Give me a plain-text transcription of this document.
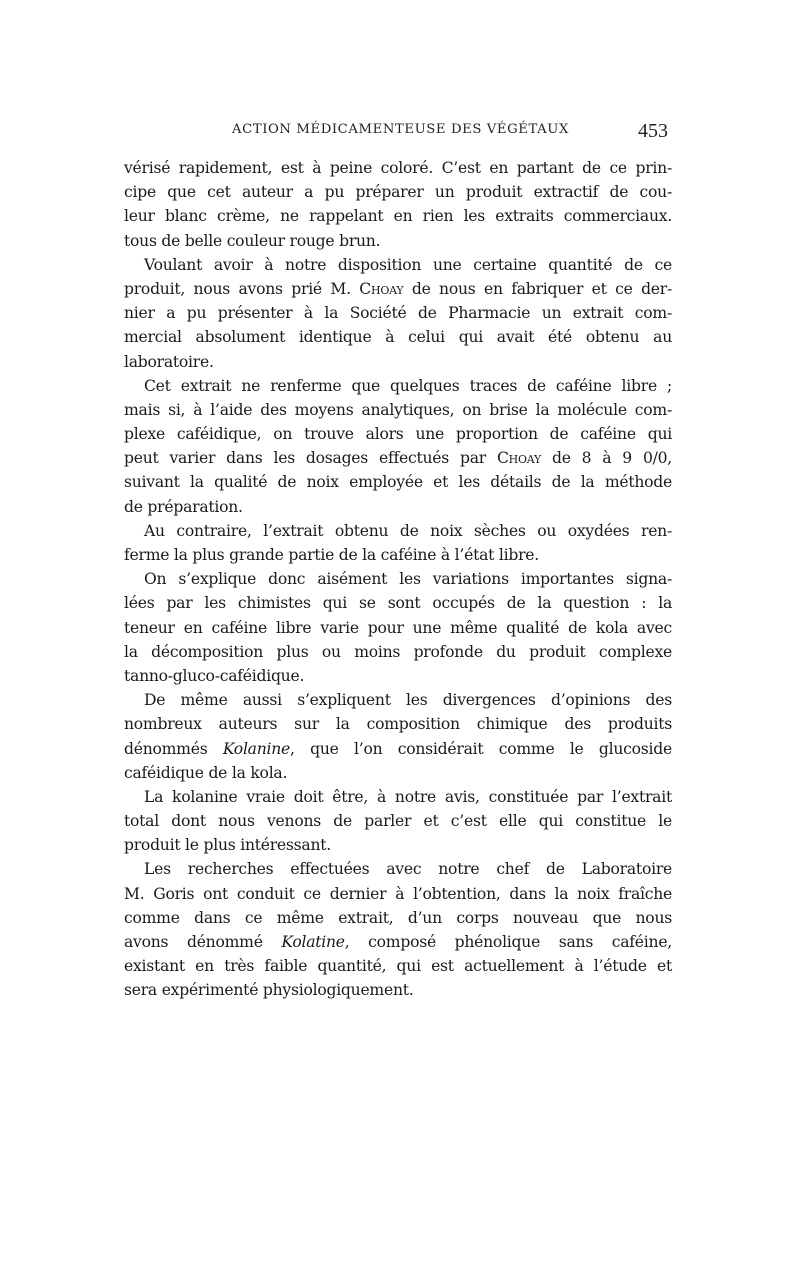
ACTION MÉDICAMENTEUSE DES VÉGÉTAUX	453
vérisé rapidement, est à peine coloré. C’est en partant de ce prin-
cipe que cet auteur a pu préparer un produit extractif de cou-
leur blanc crème, ne rappelant en rien les extraits commerciaux.
tous de belle couleur rouge brun.
Voulant avoir à notre disposition une certaine quantité de ce
produit, nous avons prié M. Choay de nous en fabriquer et ce der-
nier a pu présenter à la Société de Pharmacie un extrait com-
mercial absolument identique à celui qui avait été obtenu au
laboratoire.
Cet extrait ne renferme que quelques traces de caféine libre ;
mais si, à l’aide des moyens analytiques, on brise la molécule com-
plexe caféidique, on trouve alors une proportion de caféine qui
peut varier dans les dosages effectués par Choay de 8 à 9 0/0,
suivant la qualité de noix employée et les détails de la méthode
de préparation.
Au contraire, l’extrait obtenu de noix sèches ou oxydées ren-
ferme la plus grande partie de la caféine à l’état libre.
On s’explique donc aisément les variations importantes signa-
lées par les chimistes qui se sont occupés de la question : la
teneur en caféine libre varie pour une même qualité de kola avec
la décomposition plus ou moins profonde du produit complexe
tanno-gluco-caféidique.
De même aussi s’expliquent les divergences d’opinions des
nombreux auteurs sur la composition chimique des produits
dénommés Kolanine, que l’on considérait comme le glucoside
caféidique de la kola.
La kolanine vraie doit être, à notre avis, constituée par l’extrait
total dont nous venons de parler et c’est elle qui constitue le
produit le plus intéressant.
Les recherches effectuées avec notre chef de Laboratoire
M. Goris ont conduit ce dernier à l’obtention, dans la noix fraîche
comme dans ce même extrait, d’un corps nouveau que nous
avons dénommé Kolatine, composé phénolique sans caféine,
existant en très faible quantité, qui est actuellement à l’étude et
sera expérimenté physiologiquement.
